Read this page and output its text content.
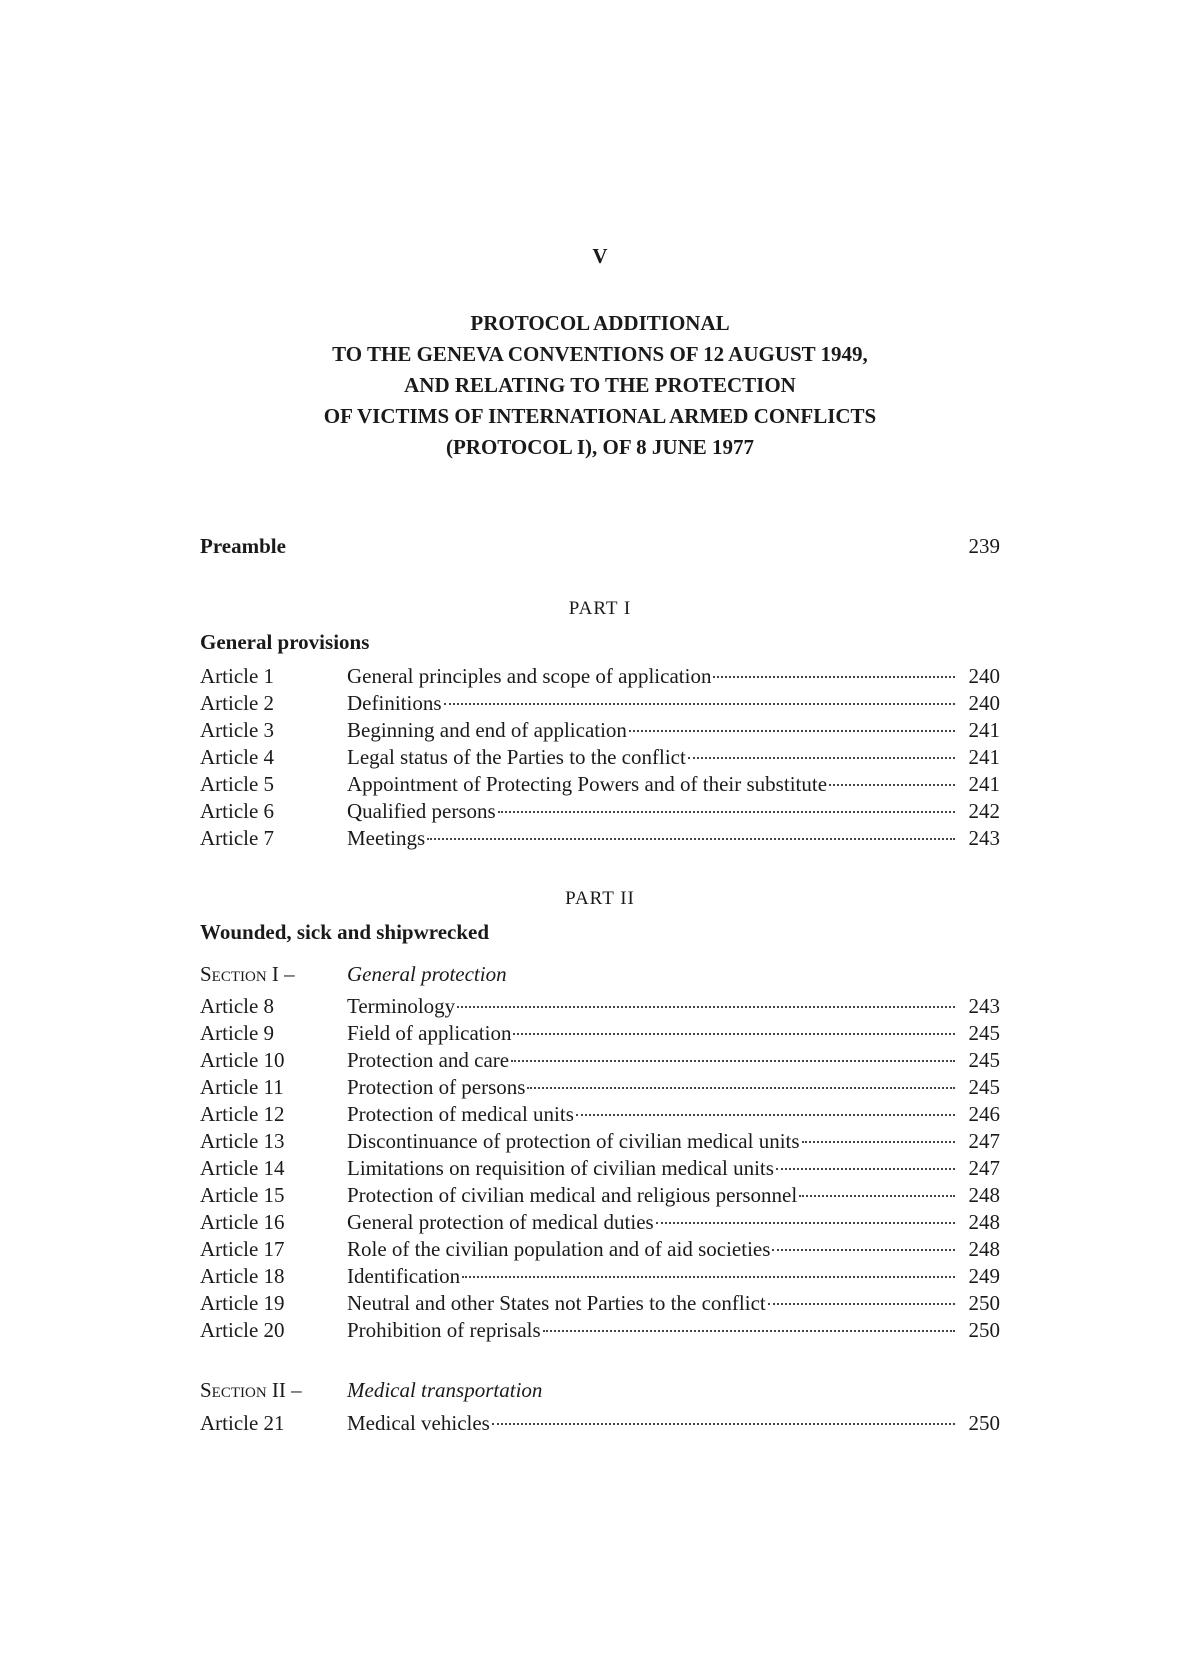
V
PROTOCOL ADDITIONAL
TO THE GENEVA CONVENTIONS OF 12 AUGUST 1949,
AND RELATING TO THE PROTECTION
OF VICTIMS OF INTERNATIONAL ARMED CONFLICTS
(PROTOCOL I), OF 8 JUNE 1977
Preamble	239
PART I
General provisions
Article 1	General principles and scope of application	240
Article 2	Definitions	240
Article 3	Beginning and end of application	241
Article 4	Legal status of the Parties to the conflict	241
Article 5	Appointment of Protecting Powers and of their substitute	241
Article 6	Qualified persons	242
Article 7	Meetings	243
PART II
Wounded, sick and shipwrecked
Section I –	General protection
Article 8	Terminology	243
Article 9	Field of application	245
Article 10	Protection and care	245
Article 11	Protection of persons	245
Article 12	Protection of medical units	246
Article 13	Discontinuance of protection of civilian medical units	247
Article 14	Limitations on requisition of civilian medical units	247
Article 15	Protection of civilian medical and religious personnel	248
Article 16	General protection of medical duties	248
Article 17	Role of the civilian population and of aid societies	248
Article 18	Identification	249
Article 19	Neutral and other States not Parties to the conflict	250
Article 20	Prohibition of reprisals	250
Section II –	Medical transportation
Article 21	Medical vehicles	250
